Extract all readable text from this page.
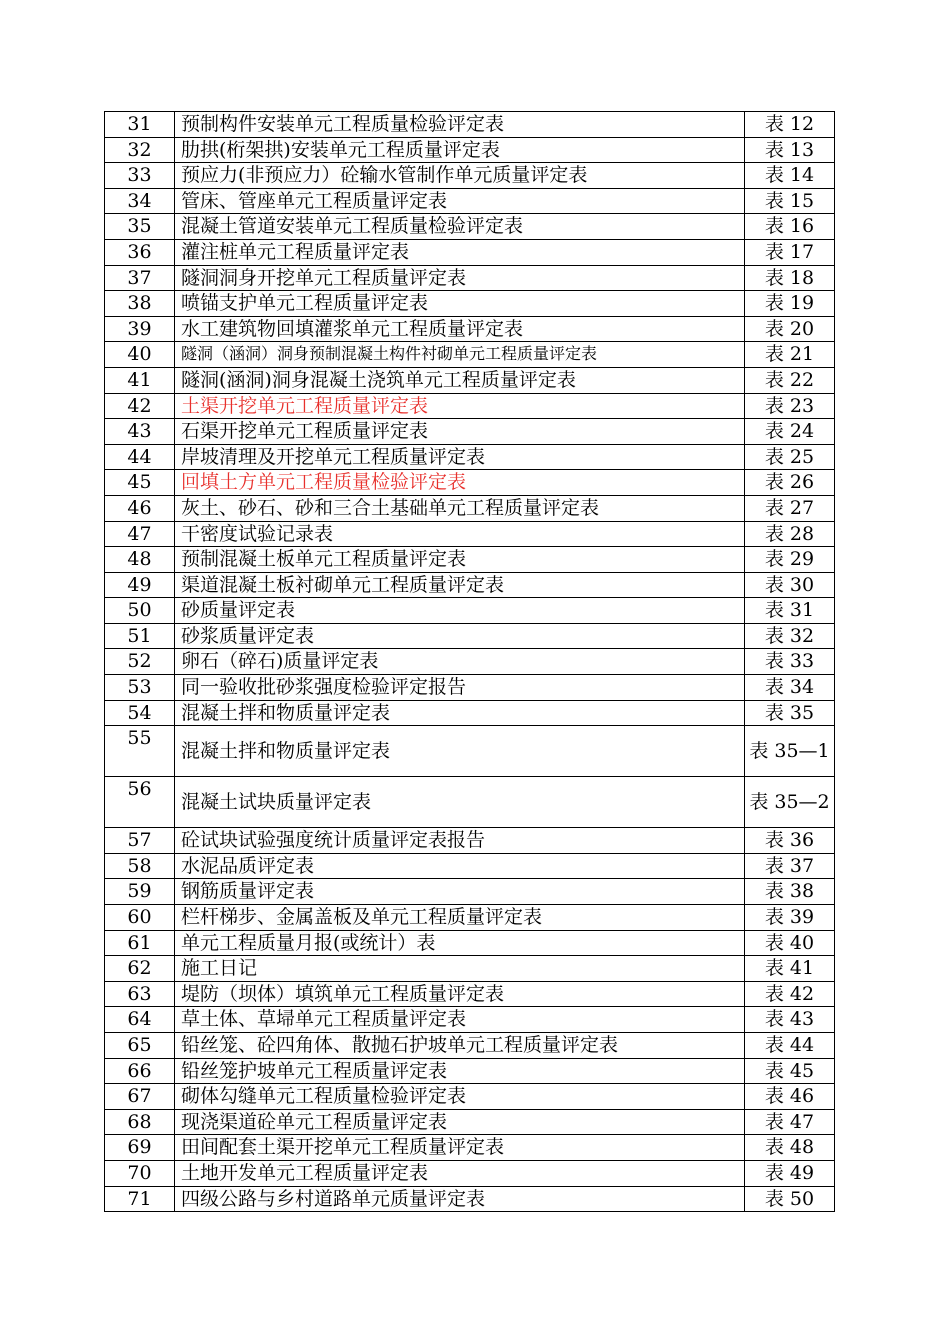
31	预制构件安装单元工程质量检验评定表	表 12
32	肋拱(桁架拱)安装单元工程质量评定表	表 13
33	预应力(非预应力）砼输水管制作单元质量评定表	表 14
34	管床、管座单元工程质量评定表	表 15
35	混凝土管道安装单元工程质量检验评定表	表 16
36	灌注桩单元工程质量评定表	表 17
37	隧洞洞身开挖单元工程质量评定表	表 18
38	喷锚支护单元工程质量评定表	表 19
39	水工建筑物回填灌浆单元工程质量评定表	表 20
40	隧洞（涵洞）洞身预制混凝土构件衬砌单元工程质量评定表	表 21
41	隧洞(涵洞)洞身混凝土浇筑单元工程质量评定表	表 22
42	土渠开挖单元工程质量评定表	表 23
43	石渠开挖单元工程质量评定表	表 24
44	岸坡清理及开挖单元工程质量评定表	表 25
45	回填土方单元工程质量检验评定表	表 26
46	灰土、砂石、砂和三合土基础单元工程质量评定表	表 27
47	干密度试验记录表	表 28
48	预制混凝土板单元工程质量评定表	表 29
49	渠道混凝土板衬砌单元工程质量评定表	表 30
50	砂质量评定表	表 31
51	砂浆质量评定表	表 32
52	卵石（碎石)质量评定表	表 33
53	同一验收批砂浆强度检验评定报告	表 34
54	混凝土拌和物质量评定表	表 35
55	混凝土拌和物质量评定表	表 35—1
56	混凝土试块质量评定表	表 35—2
57	砼试块试验强度统计质量评定表报告	表 36
58	水泥品质评定表	表 37
59	钢筋质量评定表	表 38
60	栏杆梯步、金属盖板及单元工程质量评定表	表 39
61	单元工程质量月报(或统计）表	表 40
62	施工日记	表 41
63	堤防（坝体）填筑单元工程质量评定表	表 42
64	草土体、草埽单元工程质量评定表	表 43
65	铅丝笼、砼四角体、散抛石护坡单元工程质量评定表	表 44
66	铅丝笼护坡单元工程质量评定表	表 45
67	砌体勾缝单元工程质量检验评定表	表 46
68	现浇渠道砼单元工程质量评定表	表 47
69	田间配套土渠开挖单元工程质量评定表	表 48
70	土地开发单元工程质量评定表	表 49
71	四级公路与乡村道路单元质量评定表	表 50
